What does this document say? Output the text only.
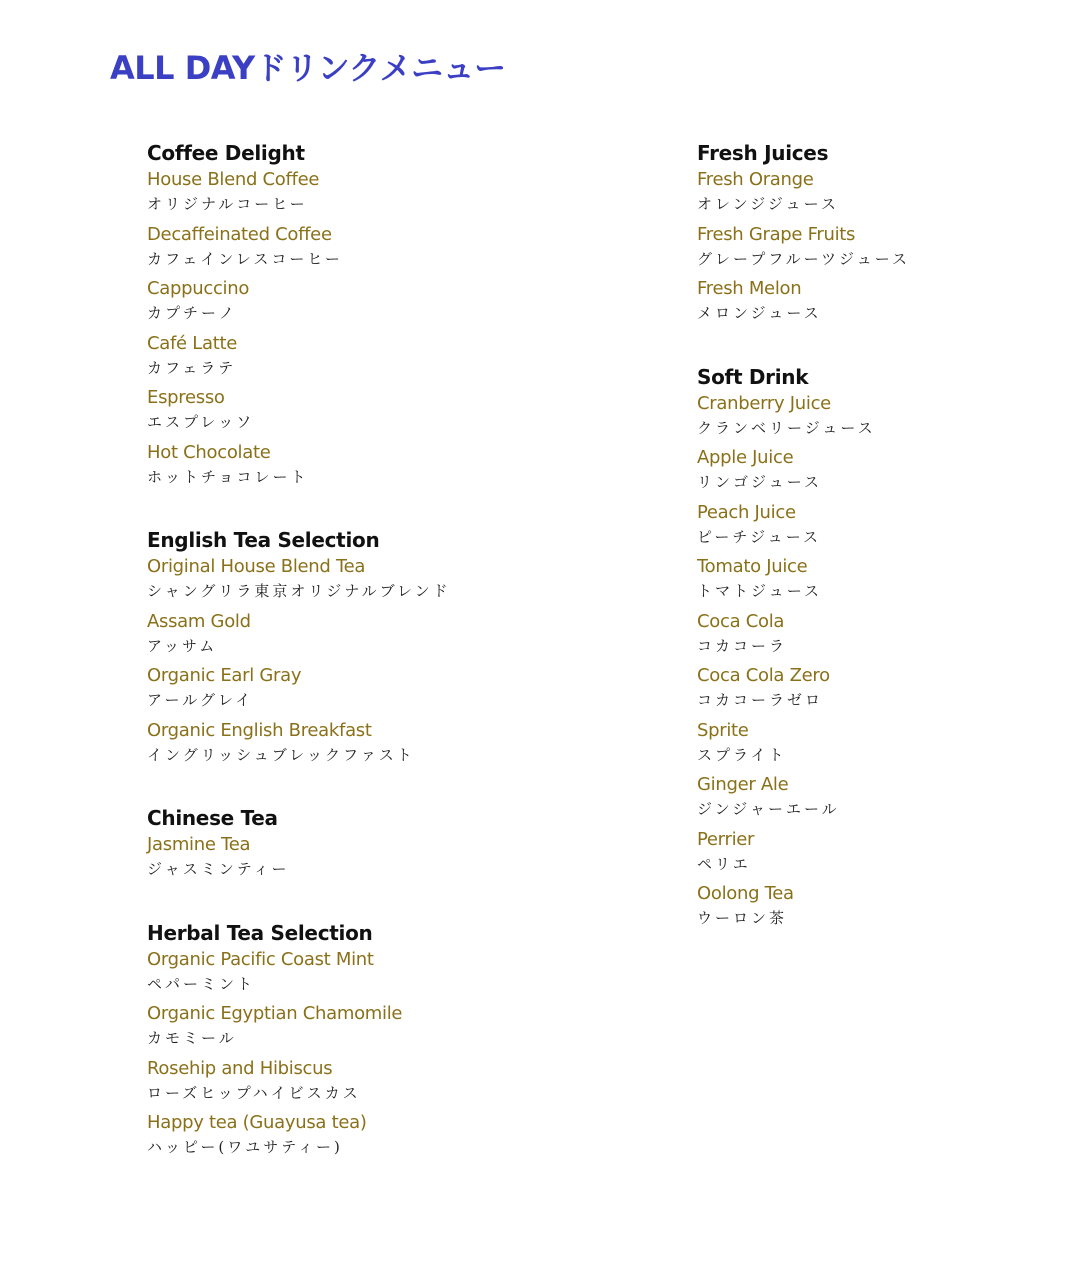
ALL DAYドリンクメニュー
Coffee Delight
House Blend Coffee
オリジナルコーヒー
Decaffeinated Coffee
カフェインレスコーヒー
Cappuccino
カプチーノ
Café Latte
カフェラテ
Espresso
エスプレッソ
Hot Chocolate
ホットチョコレート
English Tea Selection
Original House Blend Tea
シャングリラ東京オリジナルブレンド
Assam Gold
アッサム
Organic Earl Gray
アールグレイ
Organic English Breakfast
イングリッシュブレックファスト
Chinese Tea
Jasmine Tea
ジャスミンティー
Herbal Tea Selection
Organic Pacific Coast Mint
ペパーミント
Organic Egyptian Chamomile
カモミール
Rosehip and Hibiscus
ローズヒップハイビスカス
Happy tea (Guayusa tea)
ハッピー(ワユサティー)
Fresh Juices
Fresh Orange
オレンジジュース
Fresh Grape Fruits
グレープフルーツジュース
Fresh Melon
メロンジュース
Soft Drink
Cranberry Juice
クランベリージュース
Apple Juice
リンゴジュース
Peach Juice
ピーチジュース
Tomato Juice
トマトジュース
Coca Cola
コカコーラ
Coca Cola Zero
コカコーラゼロ
Sprite
スプライト
Ginger Ale
ジンジャーエール
Perrier
ペリエ
Oolong Tea
ウーロン茶
